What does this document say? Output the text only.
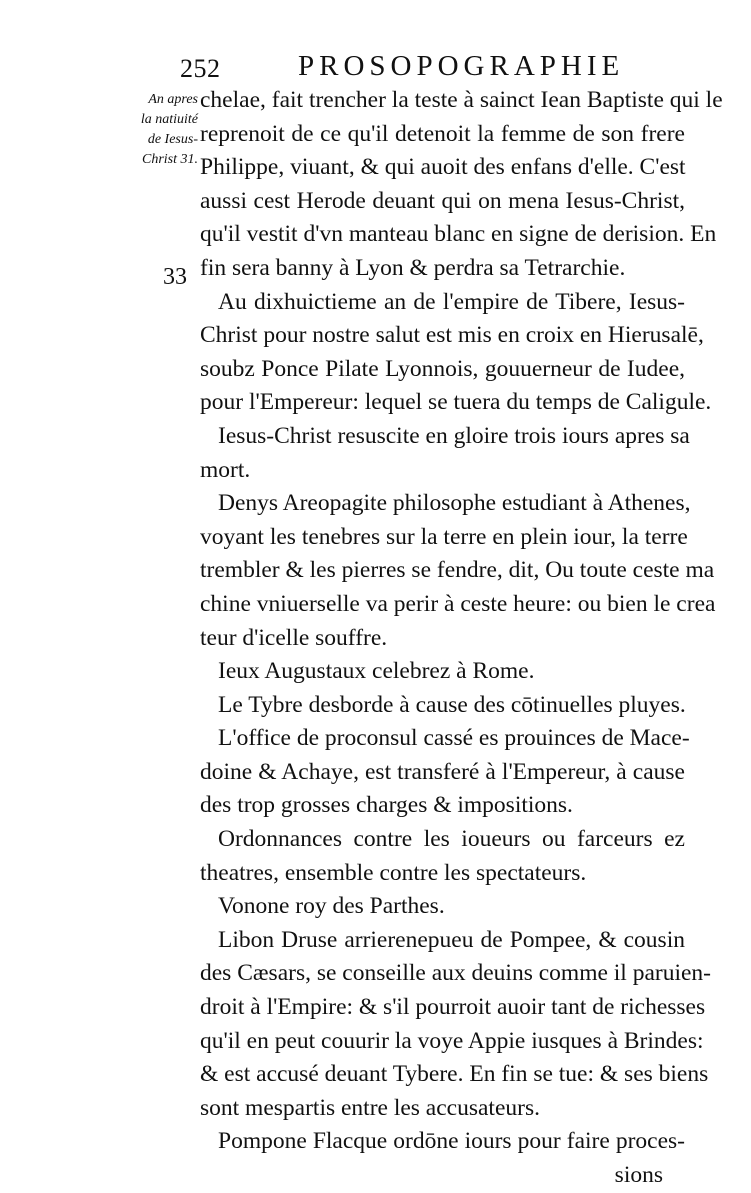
252	PROSOPOGRAPHIE
An apres
la natiuité
de Iesus-
Christ 31.
33
chelae, fait trencher la teste à sainct Iean Baptiste qui le
reprenoit de ce qu'il detenoit la femme de son frere
Philippe, viuant, & qui auoit des enfans d'elle. C'est
aussi cest Herode deuant qui on mena Iesus-Christ,
qu'il vestit d'vn manteau blanc en signe de derision. En
fin sera banny à Lyon & perdra sa Tetrarchie.
Au dixhuictieme an de l'empire de Tibere, Iesus-
Christ pour nostre salut est mis en croix en Hierusalē,
soubz Ponce Pilate Lyonnois, gouuerneur de Iudee,
pour l'Empereur: lequel se tuera du temps de Caligule.
Iesus-Christ resuscite en gloire trois iours apres sa
mort.
Denys Areopagite philosophe estudiant à Athenes,
voyant les tenebres sur la terre en plein iour, la terre
trembler & les pierres se fendre, dit, Ou toute ceste ma
chine vniuerselle va perir à ceste heure: ou bien le crea
teur d'icelle souffre.
Ieux Augustaux celebrez à Rome.
Le Tybre desborde à cause des cōtinuelles pluyes.
L'office de proconsul cassé es prouinces de Mace-
doine & Achaye, est transferé à l'Empereur, à cause
des trop grosses charges & impositions.
Ordonnances contre les ioueurs ou farceurs ez
theatres, ensemble contre les spectateurs.
Vonone roy des Parthes.
Libon Druse arrierenepueu de Pompee, & cousin
des Cæsars, se conseille aux deuins comme il paruien-
droit à l'Empire: & s'il pourroit auoir tant de richesses
qu'il en peut couurir la voye Appie iusques à Brindes:
& est accusé deuant Tybere. En fin se tue: & ses biens
sont mespartis entre les accusateurs.
Pompone Flacque ordōne iours pour faire proces-
sions
